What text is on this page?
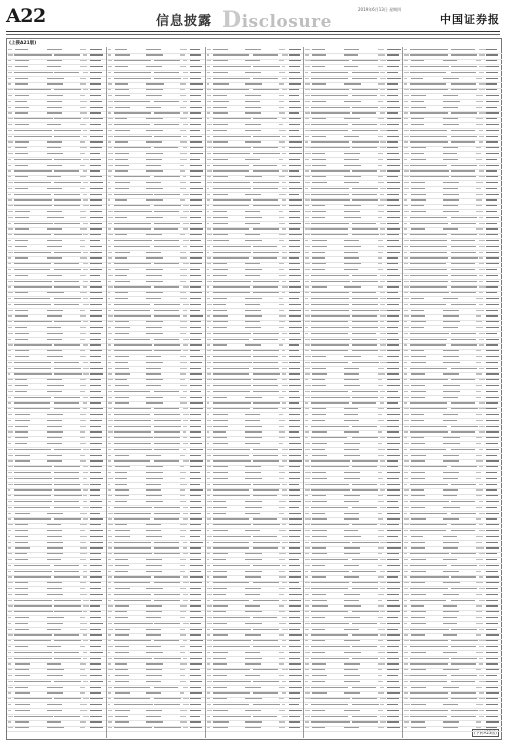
A22	信息披露 Disclosure
2019年6月13日 星期四
中国证券报
(上接A21版)
(下转A23版)
